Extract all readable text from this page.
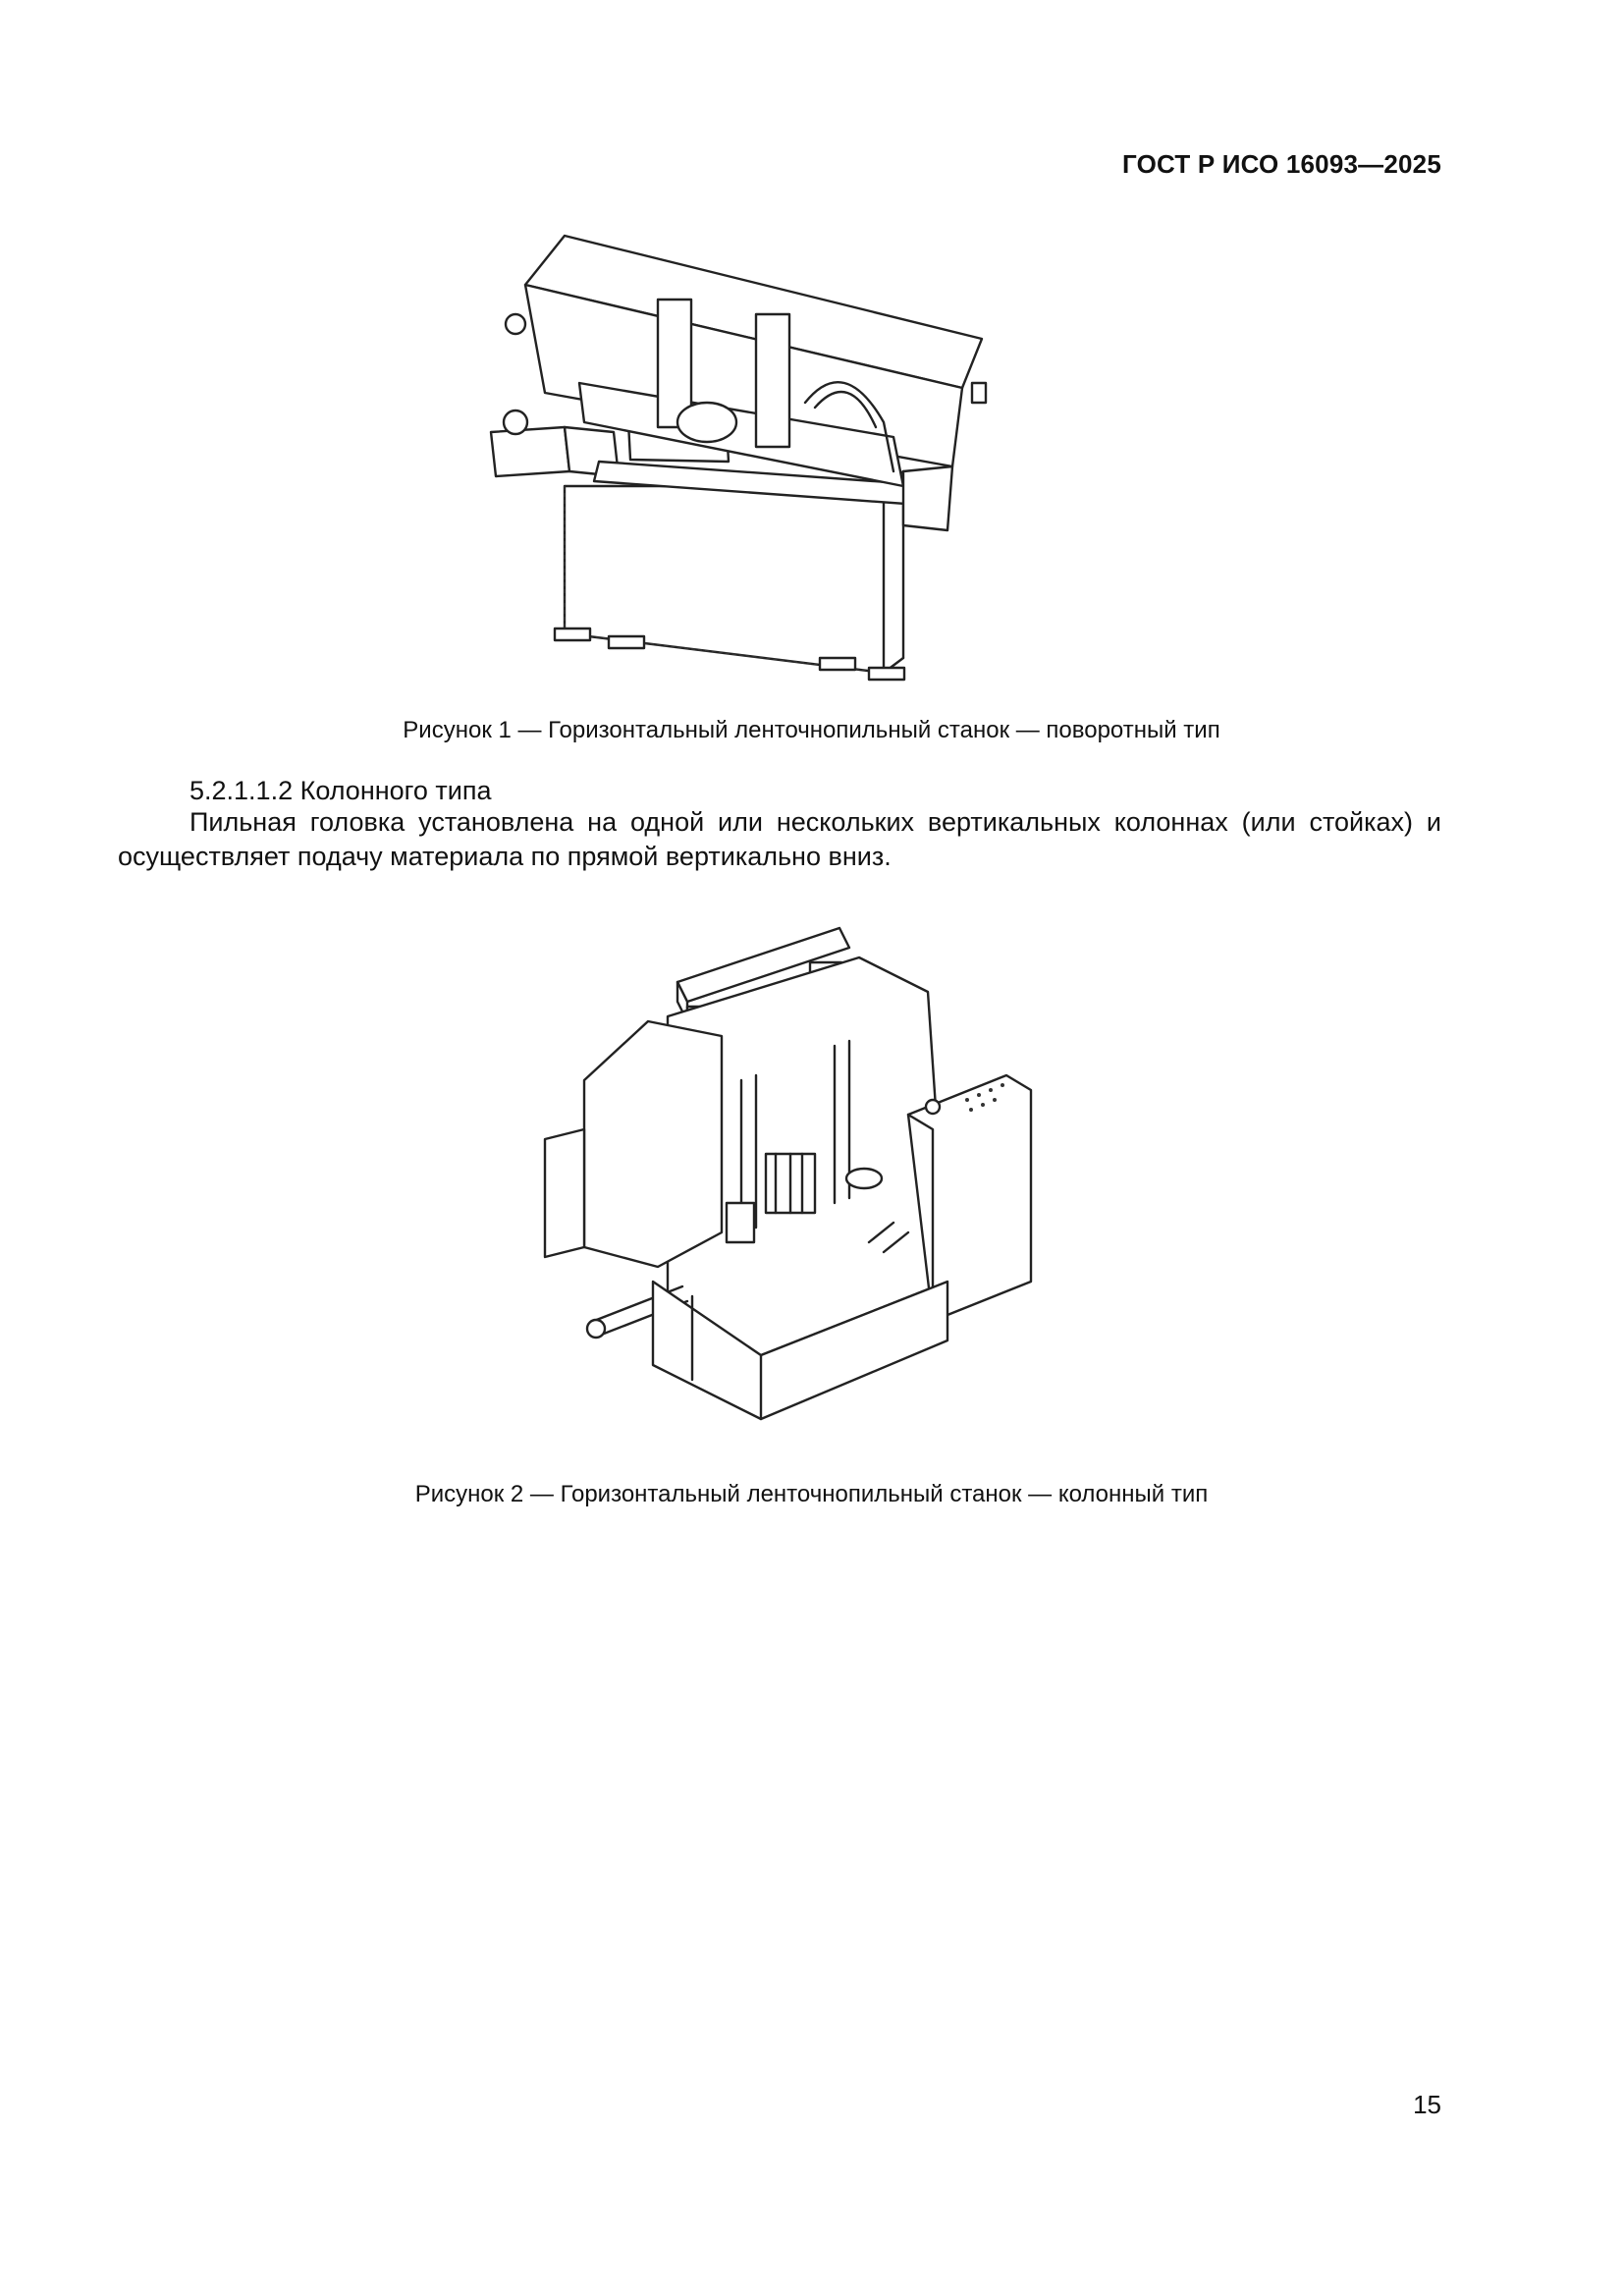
ГОСТ Р ИСО 16093—2025
Рисунок 1 — Горизонтальный ленточнопильный станок — поворотный тип
5.2.1.1.2 Колонного типа

Пильная головка установлена на одной или нескольких вертикальных колоннах (или стойках) и осуществляет подачу материала по прямой вертикально вниз.

Рисунок 2 — Горизонтальный ленточнопильный станок — колонный тип
15
